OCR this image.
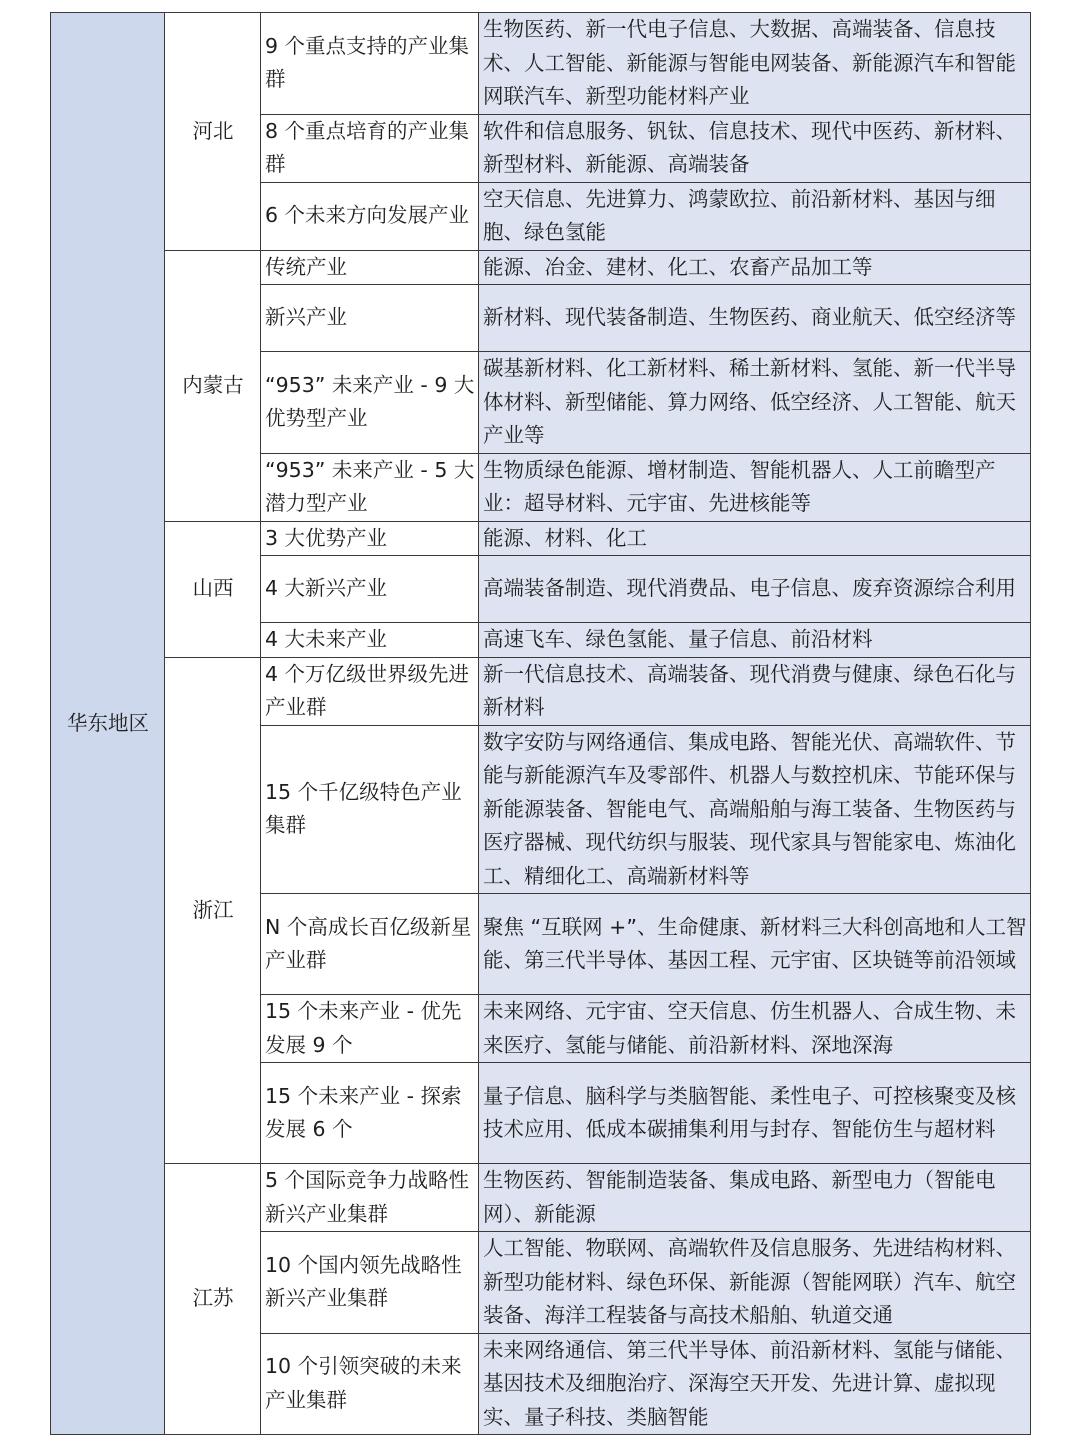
华东地区	河北	9 个重点支持的产业集群	生物医药、新一代电子信息、大数据、高端装备、信息技术、人工智能、新能源与智能电网装备、新能源汽车和智能网联汽车、新型功能材料产业
		8 个重点培育的产业集群	软件和信息服务、钒钛、信息技术、现代中医药、新材料、新型材料、新能源、高端装备
		6 个未来方向发展产业	空天信息、先进算力、鸿蒙欧拉、前沿新材料、基因与细胞、绿色氢能
	内蒙古	传统产业	能源、冶金、建材、化工、农畜产品加工等
		新兴产业	新材料、现代装备制造、生物医药、商业航天、低空经济等
		“953” 未来产业 - 9 大优势型产业	碳基新材料、化工新材料、稀土新材料、氢能、新一代半导体材料、新型储能、算力网络、低空经济、人工智能、航天产业等
		“953” 未来产业 - 5 大潜力型产业	生物质绿色能源、增材制造、智能机器人、人工前瞻型产业：超导材料、元宇宙、先进核能等
	山西	3 大优势产业	能源、材料、化工
		4 大新兴产业	高端装备制造、现代消费品、电子信息、废弃资源综合利用
		4 大未来产业	高速飞车、绿色氢能、量子信息、前沿材料
	浙江	4 个万亿级世界级先进产业群	新一代信息技术、高端装备、现代消费与健康、绿色石化与新材料
		15 个千亿级特色产业集群	数字安防与网络通信、集成电路、智能光伏、高端软件、节能与新能源汽车及零部件、机器人与数控机床、节能环保与新能源装备、智能电气、高端船舶与海工装备、生物医药与医疗器械、现代纺织与服装、现代家具与智能家电、炼油化工、精细化工、高端新材料等
		N 个高成长百亿级新星产业群	聚焦 “互联网 +”、生命健康、新材料三大科创高地和人工智能、第三代半导体、基因工程、元宇宙、区块链等前沿领域
		15 个未来产业 - 优先发展 9 个	未来网络、元宇宙、空天信息、仿生机器人、合成生物、未来医疗、氢能与储能、前沿新材料、深地深海
		15 个未来产业 - 探索发展 6 个	量子信息、脑科学与类脑智能、柔性电子、可控核聚变及核技术应用、低成本碳捕集利用与封存、智能仿生与超材料
	江苏	5 个国际竞争力战略性新兴产业集群	生物医药、智能制造装备、集成电路、新型电力（智能电网）、新能源
		10 个国内领先战略性新兴产业集群	人工智能、物联网、高端软件及信息服务、先进结构材料、新型功能材料、绿色环保、新能源（智能网联）汽车、航空装备、海洋工程装备与高技术船舶、轨道交通
		10 个引领突破的未来产业集群	未来网络通信、第三代半导体、前沿新材料、氢能与储能、基因技术及细胞治疗、深海空天开发、先进计算、虚拟现实、量子科技、类脑智能
